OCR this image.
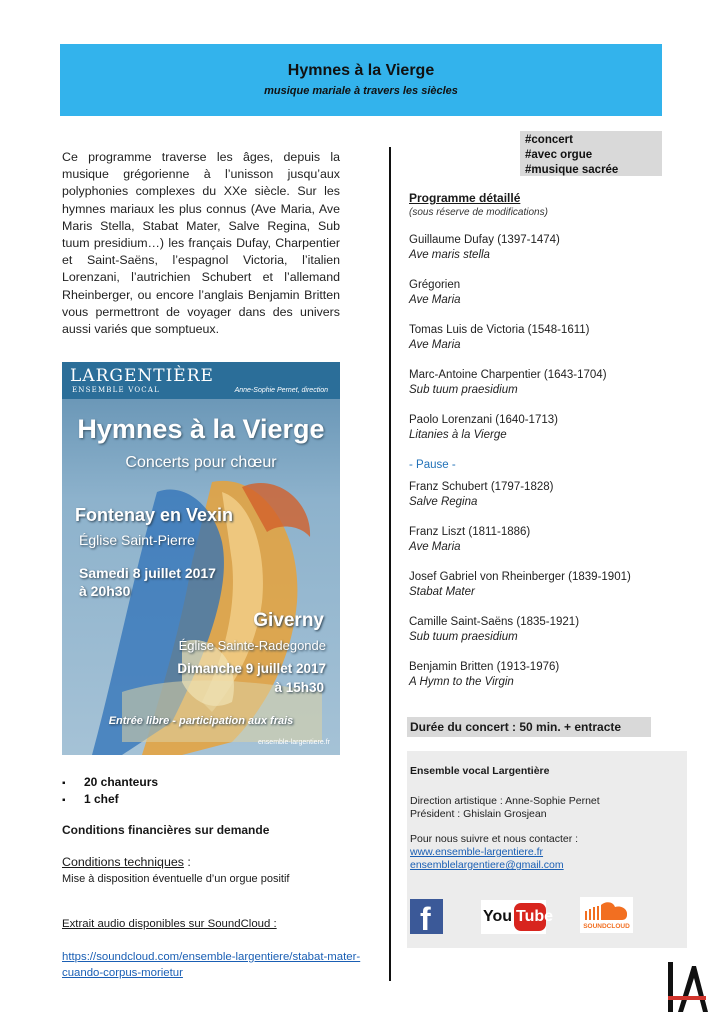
Hymnes à la Vierge
musique mariale à travers les siècles
#concert
#avec orgue
#musique sacrée
Ce programme traverse les âges, depuis la musique grégorienne à l’unisson jusqu’aux polyphonies complexes du XXe siècle. Sur les hymnes mariaux les plus connus (Ave Maria, Ave Maris Stella, Stabat Mater, Salve Regina, Sub tuum presidium…) les français Dufay, Charpentier et Saint-Saëns, l’espagnol Victoria, l’italien Lorenzani, l’autrichien Schubert et l’allemand Rheinberger, ou encore l’anglais Benjamin Britten vous permettront de voyager dans des univers aussi variés que somptueux.
LARGENTIÈRE
ENSEMBLE VOCAL	Anne-Sophie Pernet, direction
Hymnes à la Vierge
Concerts pour chœur
Fontenay en Vexin
Église Saint-Pierre
Samedi 8 juillet 2017
à 20h30
Giverny
Église Sainte-Radegonde
Dimanche 9 juillet 2017
à 15h30
Entrée libre - participation aux frais
ensemble-largentiere.fr
▪ 20 chanteurs
▪ 1 chef
Conditions financières sur demande
Conditions techniques :
Mise à disposition éventuelle d’un orgue positif
Extrait audio disponibles sur SoundCloud :
https://soundcloud.com/ensemble-largentiere/stabat-mater-cuando-corpus-morietur
Programme détaillé
(sous réserve de modifications)
Guillaume Dufay (1397-1474)
Ave maris stella
Grégorien
Ave Maria
Tomas Luis de Victoria (1548-1611)
Ave Maria
Marc-Antoine Charpentier (1643-1704)
Sub tuum praesidium
Paolo Lorenzani (1640-1713)
Litanies à la Vierge
- Pause -
Franz Schubert (1797-1828)
Salve Regina
Franz Liszt (1811-1886)
Ave Maria
Josef Gabriel von Rheinberger (1839-1901)
Stabat Mater
Camille Saint-Saëns (1835-1921)
Sub tuum praesidium
Benjamin Britten (1913-1976)
A Hymn to the Virgin
Durée du concert : 50 min. + entracte
Ensemble vocal Largentière
Direction artistique : Anne-Sophie Pernet
Président : Ghislain Grosjean
Pour nous suivre et nous contacter :
www.ensemble-largentiere.fr
ensemblelargentiere@gmail.com
f	You Tube
SOUNDCLOUD
